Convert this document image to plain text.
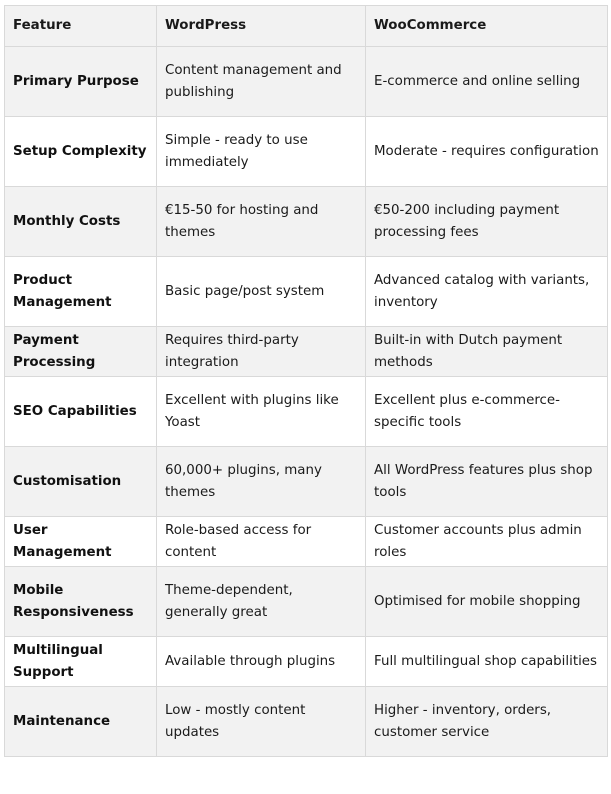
Feature	WordPress	WooCommerce
Primary Purpose	Content management and publishing	E-commerce and online selling
Setup Complexity	Simple - ready to use immediately	Moderate - requires configuration
Monthly Costs	€15-50 for hosting and themes	€50-200 including payment processing fees
Product Management	Basic page/post system	Advanced catalog with variants, inventory
Payment Processing	Requires third-party integration	Built-in with Dutch payment methods
SEO Capabilities	Excellent with plugins like Yoast	Excellent plus e-commerce-specific tools
Customisation	60,000+ plugins, many themes	All WordPress features plus shop tools
User Management	Role-based access for content	Customer accounts plus admin roles
Mobile Responsiveness	Theme-dependent, generally great	Optimised for mobile shopping
Multilingual Support	Available through plugins	Full multilingual shop capabilities
Maintenance	Low - mostly content updates	Higher - inventory, orders, customer service
